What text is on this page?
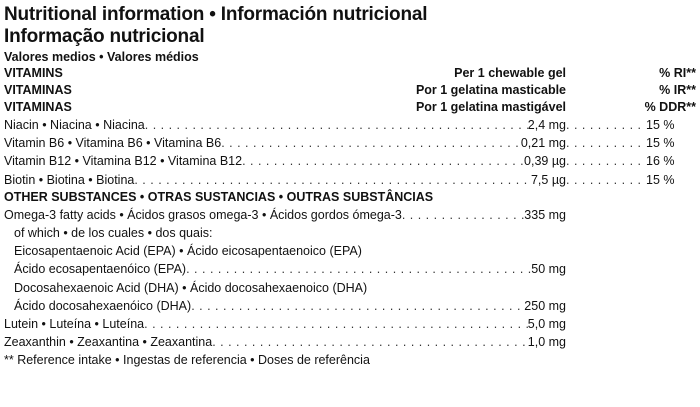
Nutritional information • Información nutricional
Informação nutricional
Valores medios • Valores médios
VITAMINS	Per 1 chewable gel	% RI**
VITAMINAS	Por 1 gelatina masticable	% IR**
VITAMINAS	Por 1 gelatina mastigável	% DDR**
Niacin • Niacina • Niacina . . .	2,4 mg . . .	15 %
Vitamin B6 • Vitamina B6 • Vitamina B6 . . .	0,21 mg . . .	15 %
Vitamin B12 • Vitamina B12 • Vitamina B12 . . .	0,39 µg . . .	16 %
Biotin • Biotina • Biotina . . .	7,5 µg . . .	15 %
OTHER SUBSTANCES • OTRAS SUSTANCIAS • OUTRAS SUBSTÂNCIAS
Omega-3 fatty acids • Ácidos grasos omega-3 • Ácidos gordos ómega-3 . . .	335 mg
of which • de los cuales • dos quais:
Eicosapentaenoic Acid (EPA) • Ácido eicosapentaenoico (EPA)
Ácido ecosapentaenóico (EPA) . . .	50 mg
Docosahexaenoic Acid (DHA) • Ácido docosahexaenoico (DHA)
Ácido docosahexaenóico (DHA) . . .	250 mg
Lutein • Luteína • Luteína . . .	5,0 mg
Zeaxanthin • Zeaxantina • Zeaxantina . . .	1,0 mg
** Reference intake • Ingestas de referencia • Doses de referência
